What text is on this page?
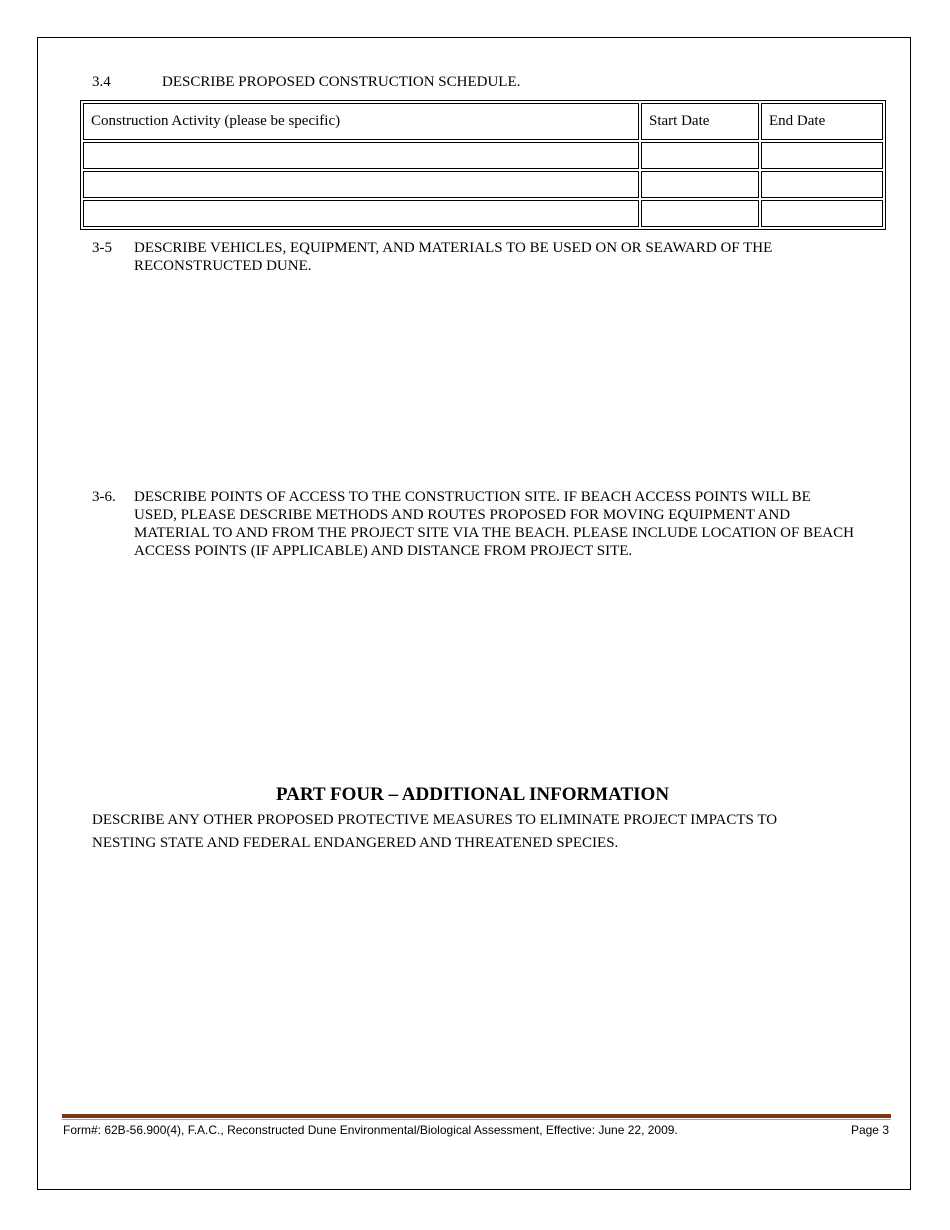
3.4	DESCRIBE PROPOSED CONSTRUCTION SCHEDULE.
Construction Activity (please be specific)	Start Date	End Date

3-5 DESCRIBE VEHICLES, EQUIPMENT, AND MATERIALS TO BE USED ON OR SEAWARD OF THE RECONSTRUCTED DUNE.
3-6. DESCRIBE POINTS OF ACCESS TO THE CONSTRUCTION SITE. IF BEACH ACCESS POINTS WILL BE USED, PLEASE DESCRIBE METHODS AND ROUTES PROPOSED FOR MOVING EQUIPMENT AND MATERIAL TO AND FROM THE PROJECT SITE VIA THE BEACH. PLEASE INCLUDE LOCATION OF BEACH ACCESS POINTS (IF APPLICABLE) AND DISTANCE FROM PROJECT SITE.
PART FOUR – ADDITIONAL INFORMATION
DESCRIBE ANY OTHER PROPOSED PROTECTIVE MEASURES TO ELIMINATE PROJECT IMPACTS TO NESTING STATE AND FEDERAL ENDANGERED AND THREATENED SPECIES.
Form#: 62B-56.900(4), F.A.C., Reconstructed Dune Environmental/Biological Assessment, Effective: June 22, 2009.	Page 3
